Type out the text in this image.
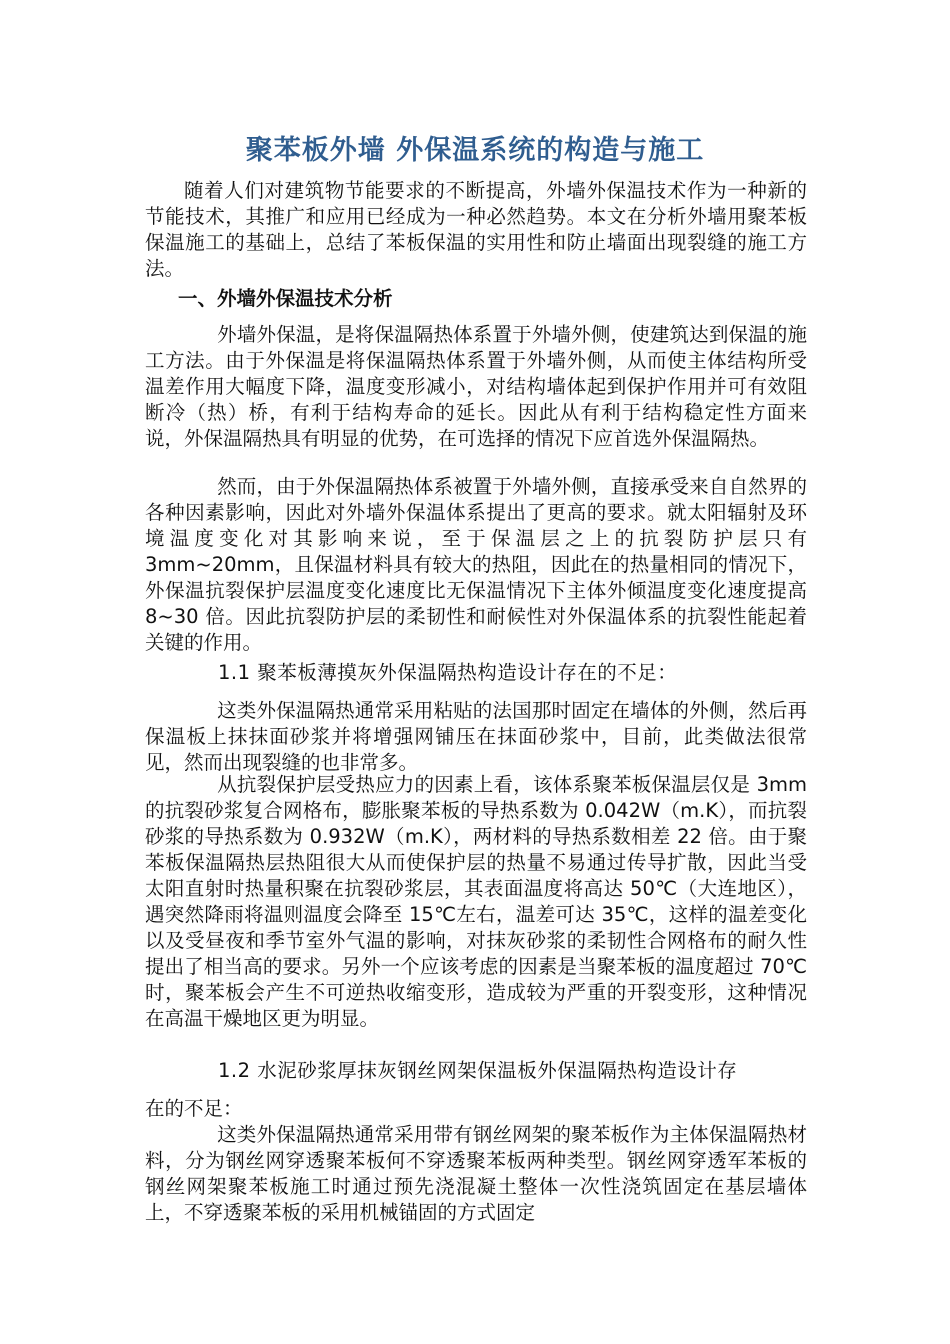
聚苯板外墙 外保温系统的构造与施工

随着人们对建筑物节能要求的不断提高，外墙外保温技术作为一种新的节能技术，其推广和应用已经成为一种必然趋势。本文在分析外墙用聚苯板保温施工的基础上，总结了苯板保温的实用性和防止墙面出现裂缝的施工方法。

一、外墙外保温技术分析

外墙外保温，是将保温隔热体系置于外墙外侧，使建筑达到保温的施工方法。由于外保温是将保温隔热体系置于外墙外侧，从而使主体结构所受温差作用大幅度下降，温度变形减小，对结构墙体起到保护作用并可有效阻断冷（热）桥，有利于结构寿命的延长。因此从有利于结构稳定性方面来说，外保温隔热具有明显的优势，在可选择的情况下应首选外保温隔热。

然而，由于外保温隔热体系被置于外墙外侧，直接承受来自自然界的各种因素影响，因此对外墙外保温体系提出了更高的要求。就太阳辐射及环境温度变化对其影响来说，至于保温层之上的抗裂防护层只有 3mm~20mm，且保温材料具有较大的热阻，因此在的热量相同的情况下，外保温抗裂保护层温度变化速度比无保温情况下主体外倾温度变化速度提高 8~30 倍。因此抗裂防护层的柔韧性和耐候性对外保温体系的抗裂性能起着关键的作用。

1.1 聚苯板薄摸灰外保温隔热构造设计存在的不足：

这类外保温隔热通常采用粘贴的法国那时固定在墙体的外侧，然后再保温板上抹抹面砂浆并将增强网铺压在抹面砂浆中，目前，此类做法很常见，然而出现裂缝的也非常多。

从抗裂保护层受热应力的因素上看，该体系聚苯板保温层仅是 3mm 的抗裂砂浆复合网格布，膨胀聚苯板的导热系数为 0.042W（m.K），而抗裂砂浆的导热系数为 0.932W（m.K），两材料的导热系数相差 22 倍。由于聚苯板保温隔热层热阻很大从而使保护层的热量不易通过传导扩散，因此当受太阳直射时热量积聚在抗裂砂浆层，其表面温度将高达 50℃（大连地区），遇突然降雨将温则温度会降至 15℃左右，温差可达 35℃，这样的温差变化以及受昼夜和季节室外气温的影响，对抹灰砂浆的柔韧性合网格布的耐久性提出了相当高的要求。另外一个应该考虑的因素是当聚苯板的温度超过 70℃时，聚苯板会产生不可逆热收缩变形，造成较为严重的开裂变形，这种情况在高温干燥地区更为明显。

1.2 水泥砂浆厚抹灰钢丝网架保温板外保温隔热构造设计存
在的不足：

这类外保温隔热通常采用带有钢丝网架的聚苯板作为主体保温隔热材料，分为钢丝网穿透聚苯板何不穿透聚苯板两种类型。钢丝网穿透军苯板的钢丝网架聚苯板施工时通过预先浇混凝土整体一次性浇筑固定在基层墙体上，不穿透聚苯板的采用机械锚固的方式固定
